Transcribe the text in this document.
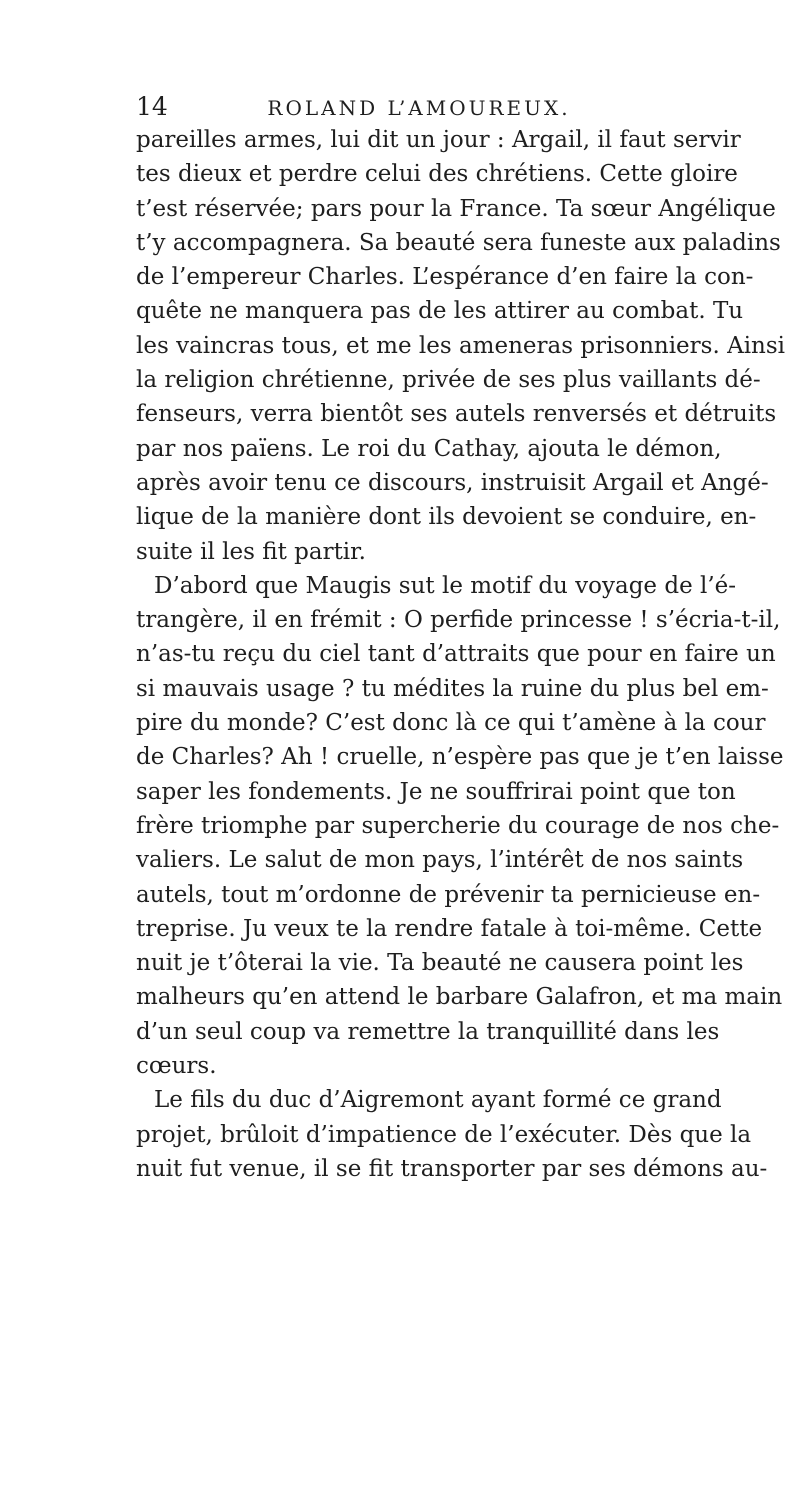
14	ROLAND L’AMOUREUX.
pareilles armes, lui dit un jour : Argail, il faut servir
tes dieux et perdre celui des chrétiens. Cette gloire
t’est réservée; pars pour la France. Ta sœur Angélique
t’y accompagnera. Sa beauté sera funeste aux paladins
de l’empereur Charles. L’espérance d’en faire la con-
quête ne manquera pas de les attirer au combat. Tu
les vaincras tous, et me les ameneras prisonniers. Ainsi
la religion chrétienne, privée de ses plus vaillants dé-
fenseurs, verra bientôt ses autels renversés et détruits
par nos païens. Le roi du Cathay, ajouta le démon,
après avoir tenu ce discours, instruisit Argail et Angé-
lique de la manière dont ils devoient se conduire, en-
suite il les fit partir.
D’abord que Maugis sut le motif du voyage de l’é-
trangère, il en frémit : O perfide princesse ! s’écria-t-il,
n’as-tu reçu du ciel tant d’attraits que pour en faire un
si mauvais usage ? tu médites la ruine du plus bel em-
pire du monde? C’est donc là ce qui t’amène à la cour
de Charles? Ah ! cruelle, n’espère pas que je t’en laisse
saper les fondements. Je ne souffrirai point que ton
frère triomphe par supercherie du courage de nos che-
valiers. Le salut de mon pays, l’intérêt de nos saints
autels, tout m’ordonne de prévenir ta pernicieuse en-
treprise. Ju veux te la rendre fatale à toi-même. Cette
nuit je t’ôterai la vie. Ta beauté ne causera point les
malheurs qu’en attend le barbare Galafron, et ma main
d’un seul coup va remettre la tranquillité dans les
cœurs.
Le fils du duc d’Aigremont ayant formé ce grand
projet, brûloit d’impatience de l’exécuter. Dès que la
nuit fut venue, il se fit transporter par ses démons au-
